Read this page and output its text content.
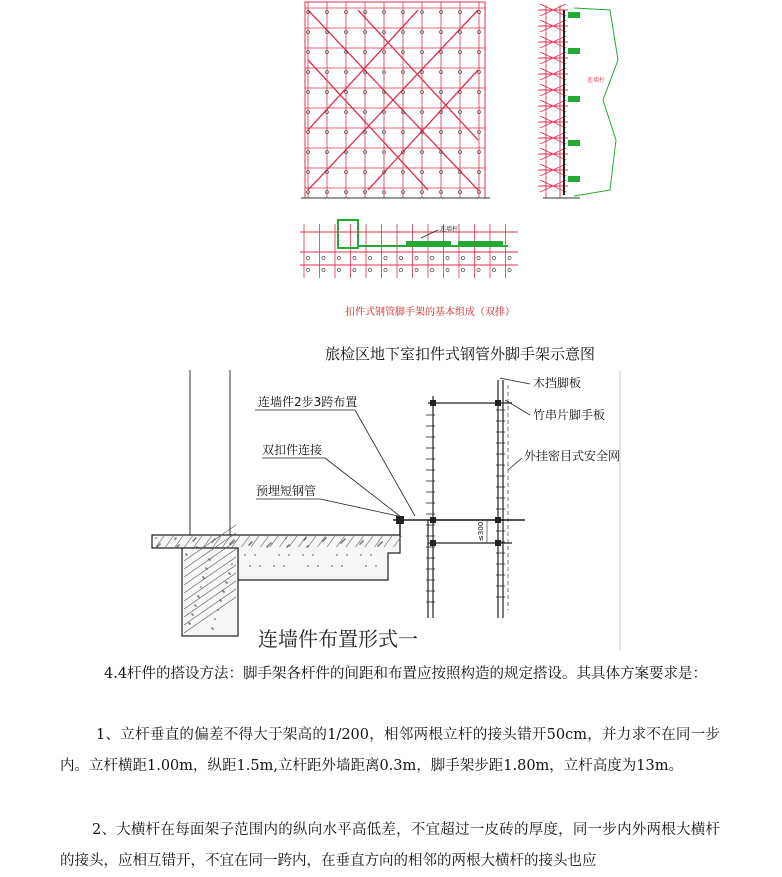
连墙杆
连墙杆
扣件式钢管脚手架的基本组成（双排）
旅检区地下室扣件式钢管外脚手架示意图
≤300
连墙件2步3跨布置
双扣件连接
预埋短钢管
木挡脚板
竹串片脚手板
外挂密目式安全网
连墙件布置形式一
4.4杆件的搭设方法：脚手架各杆件的间距和布置应按照构造的规定搭设。其具体方案要求是：
1、立杆垂直的偏差不得大于架高的1/200，相邻两根立杆的接头错开50cm，并力求不在同一步内。立杆横距1.00m，纵距1.5m,立杆距外墙距离0.3m，脚手架步距1.80m，立杆高度为13m。
2、大横杆在每面架子范围内的纵向水平高低差，不宜超过一皮砖的厚度，同一步内外两根大横杆的接头，应相互错开，不宜在同一跨内，在垂直方向的相邻的两根大横杆的接头也应
